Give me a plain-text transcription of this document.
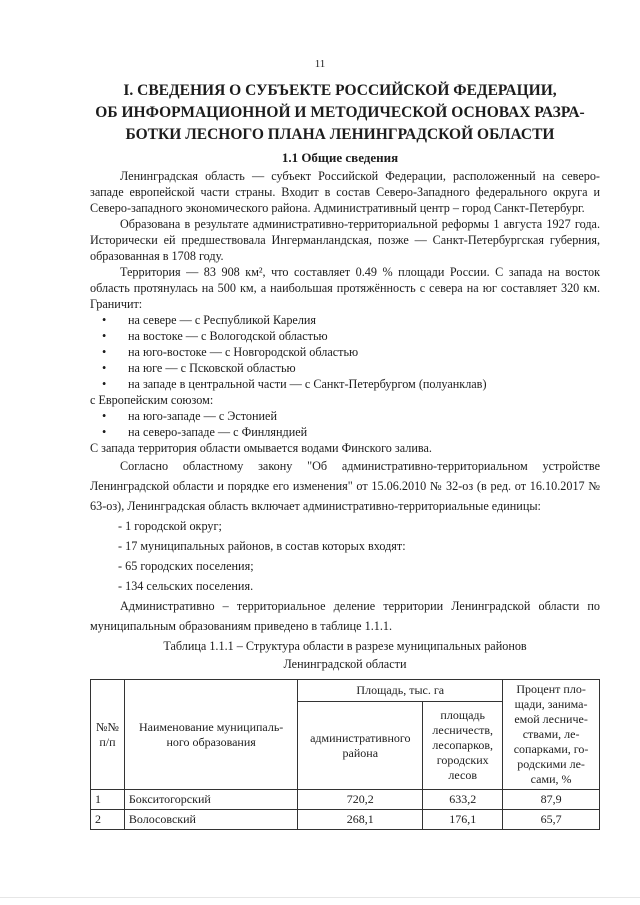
11
I. СВЕДЕНИЯ О СУБЪЕКТЕ РОССИЙСКОЙ ФЕДЕРАЦИИ,
ОБ ИНФОРМАЦИОННОЙ И МЕТОДИЧЕСКОЙ ОСНОВАХ РАЗРА-
БОТКИ ЛЕСНОГО ПЛАНА ЛЕНИНГРАДСКОЙ ОБЛАСТИ
1.1 Общие сведения

Ленинградская область — субъект Российской Федерации, расположенный на северо-западе европейской части страны. Входит в состав Северо-Западного федерального округа и Северо-западного экономического района. Административный центр – город Санкт-Петербург.

Образована в результате административно-территориальной реформы 1 августа 1927 года. Исторически ей предшествовала Ингерманландская, позже — Санкт-Петербургская губерния, образованная в 1708 году.

Территория — 83 908 км², что составляет 0.49 % площади России. С запада на восток область протянулась на 500 км, а наибольшая протяжённость с севера на юг составляет 320 км. Граничит:

• на севере — с Республикой Карелия
• на востоке — с Вологодской областью
• на юго-востоке — с Новгородской областью
• на юге — с Псковской областью
• на западе в центральной части — с Санкт-Петербургом (полуанклав)

с Европейским союзом:

• на юго-западе — с Эстонией
• на северо-западе — с Финляндией

С запада территория области омывается водами Финского залива.

Согласно областному закону "Об административно-территориальном устройстве Ленинградской области и порядке его изменения" от 15.06.2010 № 32-оз (в ред. от 16.10.2017 № 63-оз), Ленинградская область включает административно-территориальные единицы:

- 1 городской округ;

- 17 муниципальных районов, в состав которых входят:

- 65 городских поселения;

- 134 сельских поселения.

Административно – территориальное деление территории Ленинградской области по муниципальным образованиям приведено в таблице 1.1.1.

Таблица 1.1.1 – Структура области в разрезе муниципальных районов
Ленинградской области

№№ п/п	Наименование муниципаль-ного образования	Площадь, тыс. га		Процент пло-щади, занима-емой лесниче-ствами, ле-сопарками, го-родскими ле-сами, %
		административного района	площадь лесничеств, лесопарков, городских лесов	
1	Бокситогорский	720,2	633,2	87,9
2	Волосовский	268,1	176,1	65,7
